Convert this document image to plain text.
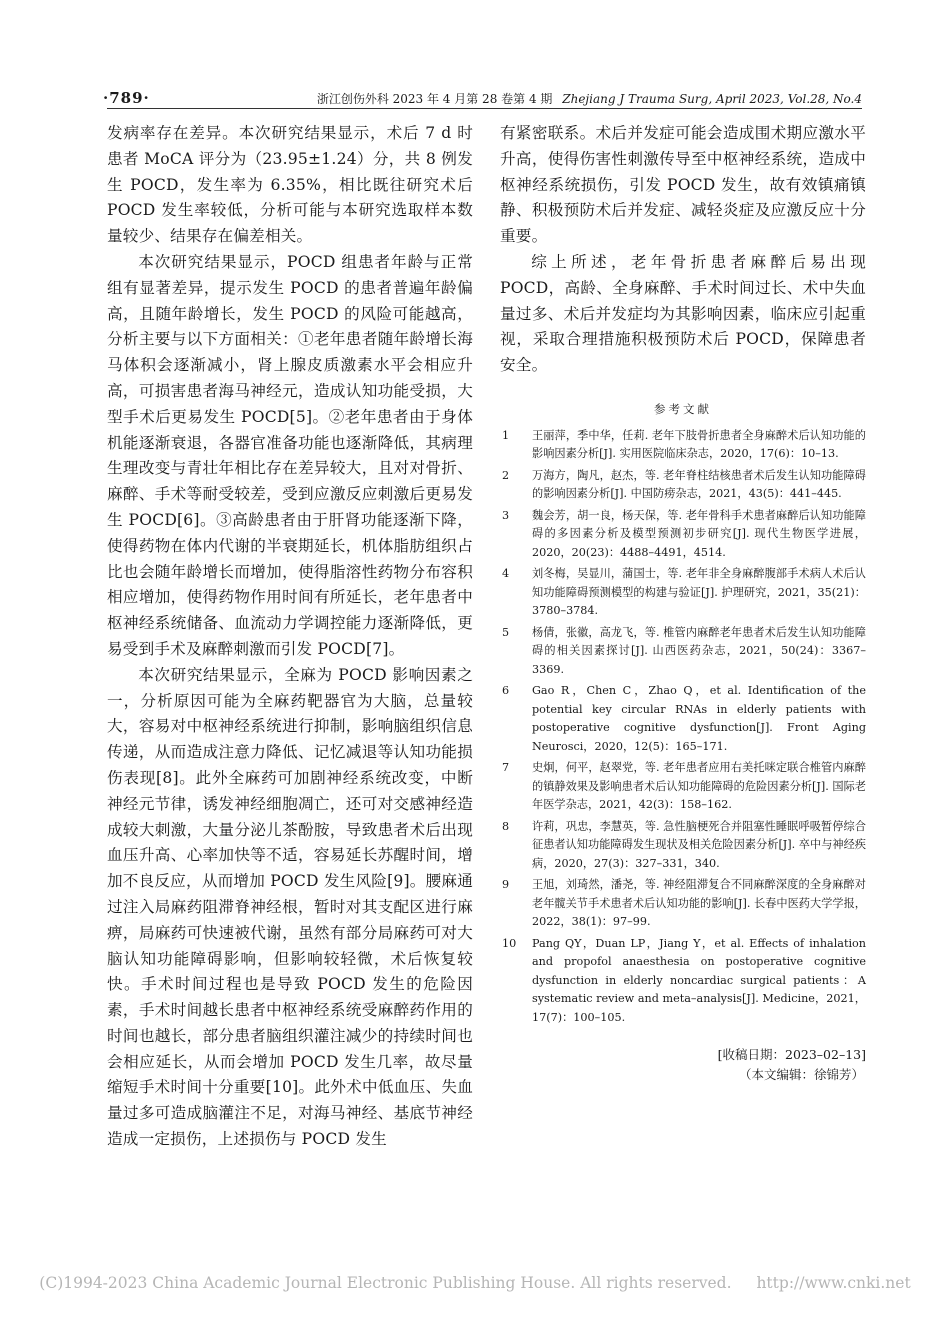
·789·	浙江创伤外科 2023 年 4 月第 28 卷第 4 期 Zhejiang J Trauma Surg, April 2023, Vol.28, No.4

发病率存在差异。本次研究结果显示，术后 7 d 时患者 MoCA 评分为（23.95±1.24）分，共 8 例发生 POCD，发生率为 6.35%，相比既往研究术后 POCD 发生率较低，分析可能与本研究选取样本数量较少、结果存在偏差相关。

本次研究结果显示，POCD 组患者年龄与正常组有显著差异，提示发生 POCD 的患者普遍年龄偏高，且随年龄增长，发生 POCD 的风险可能越高，分析主要与以下方面相关：①老年患者随年龄增长海马体积会逐渐减小，肾上腺皮质激素水平会相应升高，可损害患者海马神经元，造成认知功能受损，大型手术后更易发生 POCD[5]。②老年患者由于身体机能逐渐衰退，各器官准备功能也逐渐降低，其病理生理改变与青壮年相比存在差异较大，且对对骨折、麻醉、手术等耐受较差，受到应激反应刺激后更易发生 POCD[6]。③高龄患者由于肝肾功能逐渐下降，使得药物在体内代谢的半衰期延长，机体脂肪组织占比也会随年龄增长而增加，使得脂溶性药物分布容积相应增加，使得药物作用时间有所延长，老年患者中枢神经系统储备、血流动力学调控能力逐渐降低，更易受到手术及麻醉刺激而引发 POCD[7]。

本次研究结果显示，全麻为 POCD 影响因素之一，分析原因可能为全麻药靶器官为大脑，总量较大，容易对中枢神经系统进行抑制，影响脑组织信息传递，从而造成注意力降低、记忆减退等认知功能损伤表现[8]。此外全麻药可加剧神经系统改变，中断神经元节律，诱发神经细胞凋亡，还可对交感神经造成较大刺激，大量分泌儿茶酚胺，导致患者术后出现血压升高、心率加快等不适，容易延长苏醒时间，增加不良反应，从而增加 POCD 发生风险[9]。腰麻通过注入局麻药阻滞脊神经根，暂时对其支配区进行麻痹，局麻药可快速被代谢，虽然有部分局麻药可对大脑认知功能障碍影响，但影响较轻微，术后恢复较快。手术时间过程也是导致 POCD 发生的危险因素，手术时间越长患者中枢神经系统受麻醉药作用的时间也越长，部分患者脑组织灌注减少的持续时间也会相应延长，从而会增加 POCD 发生几率，故尽量缩短手术时间十分重要[10]。此外术中低血压、失血量过多可造成脑灌注不足，对海马神经、基底节神经造成一定损伤，上述损伤与 POCD 发生

有紧密联系。术后并发症可能会造成围术期应激水平升高，使得伤害性刺激传导至中枢神经系统，造成中枢神经系统损伤，引发 POCD 发生，故有效镇痛镇静、积极预防术后并发症、减轻炎症及应激反应十分重要。

综上所述，老年骨折患者麻醉后易出现 POCD，高龄、全身麻醉、手术时间过长、术中失血量过多、术后并发症均为其影响因素，临床应引起重视，采取合理措施积极预防术后 POCD，保障患者安全。

参考文献
1	王丽萍，季中华，任莉. 老年下肢骨折患者全身麻醉术后认知功能的影响因素分析[J]. 实用医院临床杂志，2020，17(6)：10–13.
2	万海方，陶凡，赵杰，等. 老年脊柱结核患者术后发生认知功能障碍的影响因素分析[J]. 中国防痨杂志，2021，43(5)：441–445.
3	魏会芳，胡一良，杨天保，等. 老年骨科手术患者麻醉后认知功能障碍的多因素分析及模型预测初步研究[J]. 现代生物医学进展，2020，20(23)：4488–4491，4514.
4	刘冬梅，吴显川，蒲国士，等. 老年非全身麻醉腹部手术病人术后认知功能障碍预测模型的构建与验证[J]. 护理研究，2021，35(21)：3780–3784.
5	杨倩，张徽，高龙飞，等. 椎管内麻醉老年患者术后发生认知功能障碍的相关因素探讨[J]. 山西医药杂志，2021，50(24)：3367–3369.
6	Gao R，Chen C，Zhao Q，et al. Identification of the potential key circular RNAs in elderly patients with postoperative cognitive dysfunction[J]. Front Aging Neurosci，2020，12(5)：165–171.
7	史炯，何平，赵翠党，等. 老年患者应用右美托咪定联合椎管内麻醉的镇静效果及影响患者术后认知功能障碍的危险因素分析[J]. 国际老年医学杂志，2021，42(3)：158–162.
8	许莉，巩忠，李慧英，等. 急性脑梗死合并阻塞性睡眠呼吸暂停综合征患者认知功能障碍发生现状及相关危险因素分析[J]. 卒中与神经疾病，2020，27(3)：327–331，340.
9	王旭，刘琦然，潘尧，等. 神经阻滞复合不同麻醉深度的全身麻醉对老年髋关节手术患者术后认知功能的影响[J]. 长春中医药大学学报，2022，38(1)：97–99.
10	Pang QY，Duan LP，Jiang Y，et al. Effects of inhalation and propofol anaesthesia on postoperative cognitive dysfunction in elderly noncardiac surgical patients：A systematic review and meta–analysis[J]. Medicine，2021，17(7)：100–105.
[收稿日期：2023–02–13]
（本文编辑：徐锦芳）
(C)1994-2023 China Academic Journal Electronic Publishing House. All rights reserved. http://www.cnki.net
